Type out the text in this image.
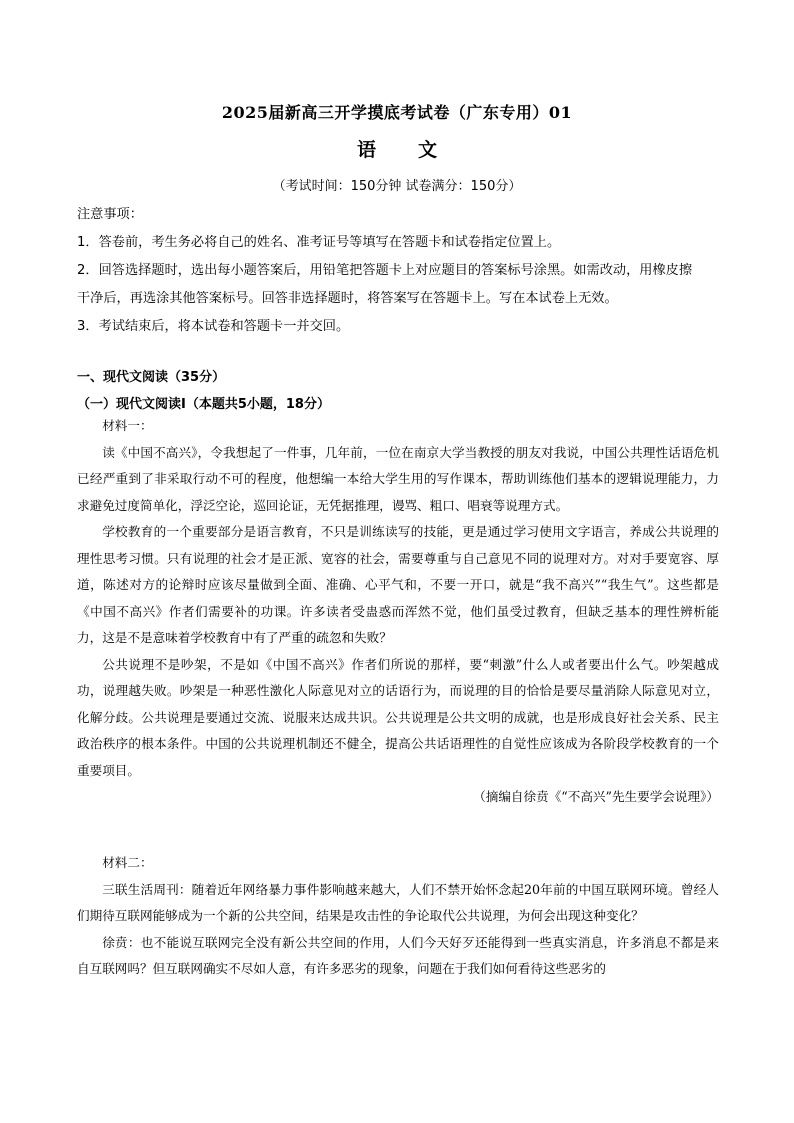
2025届新高三开学摸底考试卷（广东专用）01
语文
（考试时间：150分钟 试卷满分：150分）
注意事项：
1．答卷前，考生务必将自己的姓名、准考证号等填写在答题卡和试卷指定位置上。
2．回答选择题时，选出每小题答案后，用铅笔把答题卡上对应题目的答案标号涂黑。如需改动，用橡皮擦
干净后，再选涂其他答案标号。回答非选择题时，将答案写在答题卡上。写在本试卷上无效。
3．考试结束后，将本试卷和答题卡一并交回。
一、现代文阅读（35分）
（一）现代文阅读Ⅰ（本题共5小题，18分）

材料一：

读《中国不高兴》，令我想起了一件事，几年前，一位在南京大学当教授的朋友对我说，中国公共理性话语危机已经严重到了非采取行动不可的程度，他想编一本给大学生用的写作课本，帮助训练他们基本的逻辑说理能力，力求避免过度简单化，浮泛空论，巡回论证，无凭据推理，谩骂、粗口、唱衰等说理方式。

学校教育的一个重要部分是语言教育，不只是训练读写的技能，更是通过学习使用文字语言，养成公共说理的理性思考习惯。只有说理的社会才是正派、宽容的社会，需要尊重与自己意见不同的说理对方。对对手要宽容、厚道，陈述对方的论辩时应该尽量做到全面、准确、心平气和，不要一开口，就是“我不高兴”“我生气”。这些都是《中国不高兴》作者们需要补的功课。许多读者受蛊惑而浑然不觉，他们虽受过教育，但缺乏基本的理性辨析能力，这是不是意味着学校教育中有了严重的疏忽和失败？

公共说理不是吵架，不是如《中国不高兴》作者们所说的那样，要“刺激”什么人或者要出什么气。吵架越成功，说理越失败。吵架是一种恶性激化人际意见对立的话语行为，而说理的目的恰恰是要尽量消除人际意见对立，化解分歧。公共说理是要通过交流、说服来达成共识。公共说理是公共文明的成就，也是形成良好社会关系、民主政治秩序的根本条件。中国的公共说理机制还不健全，提高公共话语理性的自觉性应该成为各阶段学校教育的一个重要项目。

（摘编自徐贲《“不高兴”先生要学会说理》）

材料二：

三联生活周刊：随着近年网络暴力事件影响越来越大，人们不禁开始怀念起20年前的中国互联网环境。曾经人们期待互联网能够成为一个新的公共空间，结果是攻击性的争论取代公共说理，为何会出现这种变化？

徐贲：也不能说互联网完全没有新公共空间的作用，人们今天好歹还能得到一些真实消息，许多消息不都是来自互联网吗？但互联网确实不尽如人意，有许多恶劣的现象，问题在于我们如何看待这些恶劣的
